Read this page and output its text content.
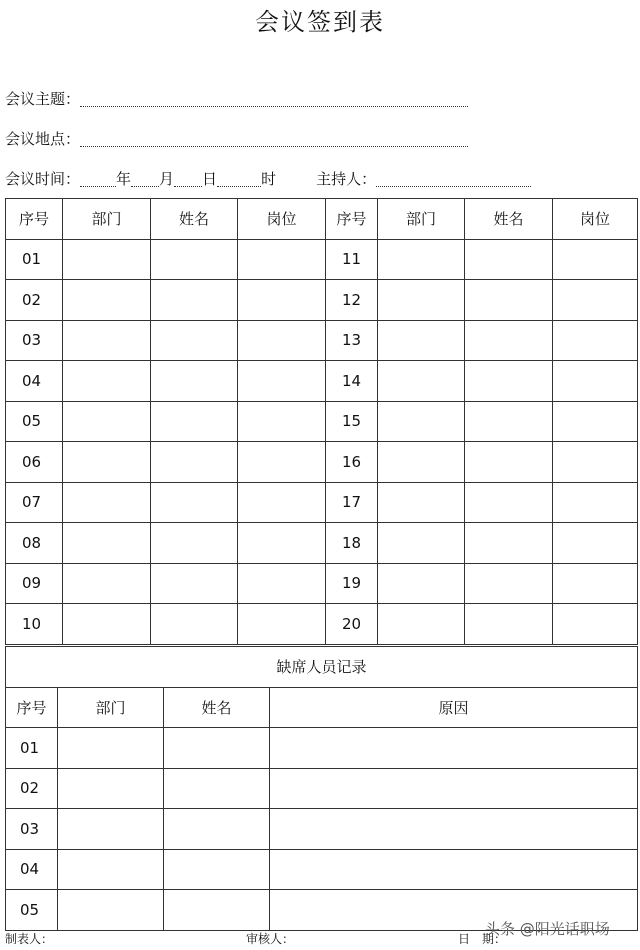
会议签到表
会议主题：
会议地点：
会议时间： 年 月 日	时	主持人：
序号	部门	姓名	岗位	序号	部门	姓名	岗位
01				11			
02				12			
03				13			
04				14			
05				15			
06				16			
07				17			
08				18			
09				19			
10				20			
缺席人员记录			
序号	部门	姓名	原因
01			
02			
03			
04			
05			
制表人：	审核人：	日　期：
头条 @阳光话职场
